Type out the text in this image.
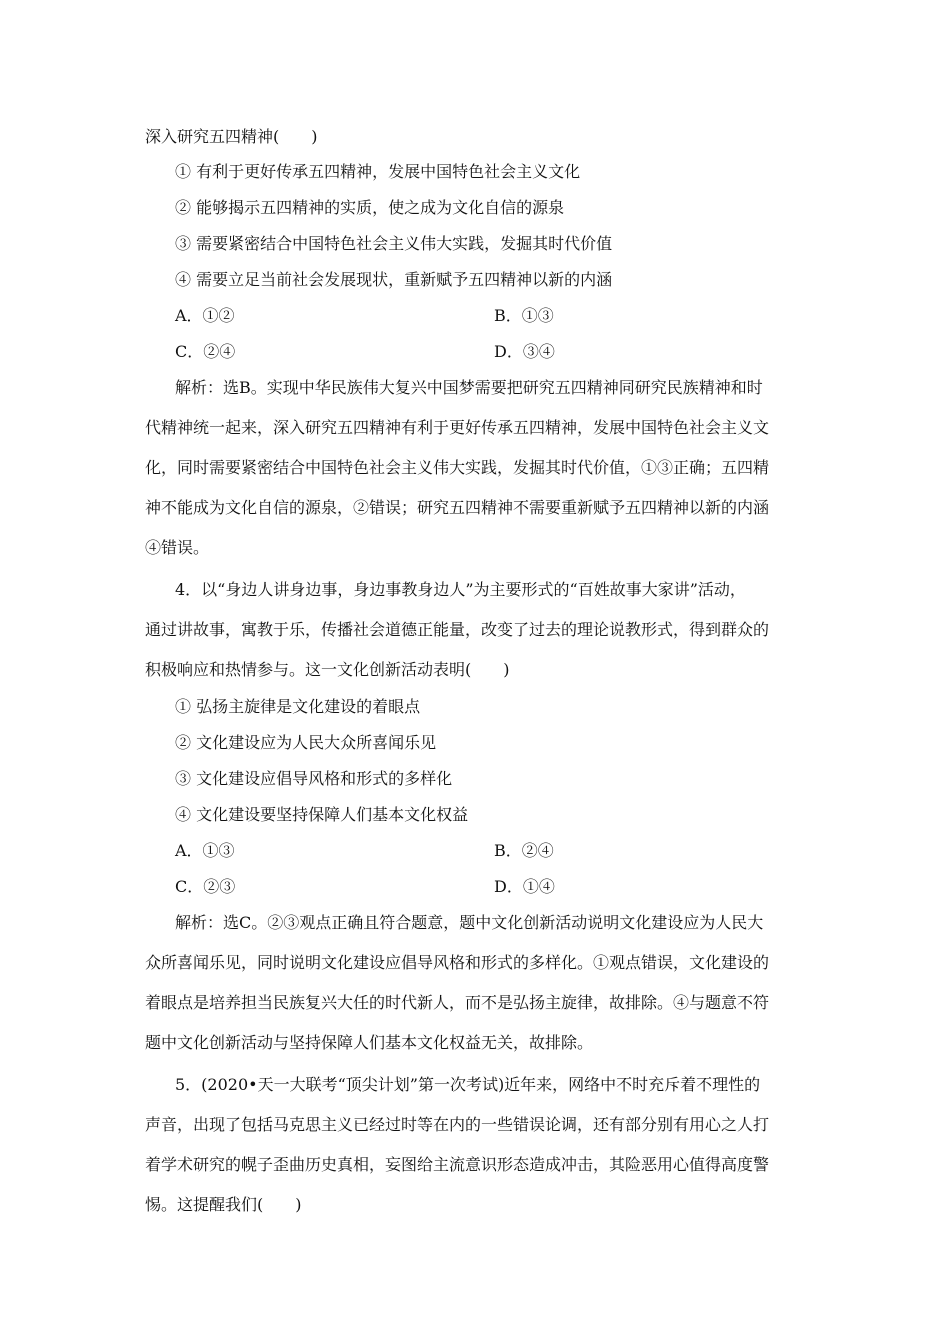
深入研究五四精神(　　)
① 有利于更好传承五四精神，发展中国特色社会主义文化
② 能够揭示五四精神的实质，使之成为文化自信的源泉
③ 需要紧密结合中国特色社会主义伟大实践，发掘其时代价值
④ 需要立足当前社会发展现状，重新赋予五四精神以新的内涵
A．①②	B．①③
C．②④	D．③④
解析：选B。实现中华民族伟大复兴中国梦需要把研究五四精神同研究民族精神和时
代精神统一起来，深入研究五四精神有利于更好传承五四精神，发展中国特色社会主义文
化，同时需要紧密结合中国特色社会主义伟大实践，发掘其时代价值，①③正确；五四精
神不能成为文化自信的源泉，②错误；研究五四精神不需要重新赋予五四精神以新的内涵
④错误。
4．以“身边人讲身边事，身边事教身边人”为主要形式的“百姓故事大家讲”活动，
通过讲故事，寓教于乐，传播社会道德正能量，改变了过去的理论说教形式，得到群众的
积极响应和热情参与。这一文化创新活动表明(　　)
① 弘扬主旋律是文化建设的着眼点
② 文化建设应为人民大众所喜闻乐见
③ 文化建设应倡导风格和形式的多样化
④ 文化建设要坚持保障人们基本文化权益
A．①③	B．②④
C．②③	D．①④
解析：选C。②③观点正确且符合题意，题中文化创新活动说明文化建设应为人民大
众所喜闻乐见，同时说明文化建设应倡导风格和形式的多样化。①观点错误，文化建设的
着眼点是培养担当民族复兴大任的时代新人，而不是弘扬主旋律，故排除。④与题意不符
题中文化创新活动与坚持保障人们基本文化权益无关，故排除。
5．(2020•天一大联考“顶尖计划”第一次考试)近年来，网络中不时充斥着不理性的
声音，出现了包括马克思主义已经过时等在内的一些错误论调，还有部分别有用心之人打
着学术研究的幌子歪曲历史真相，妄图给主流意识形态造成冲击，其险恶用心值得高度警
惕。这提醒我们(　　)
